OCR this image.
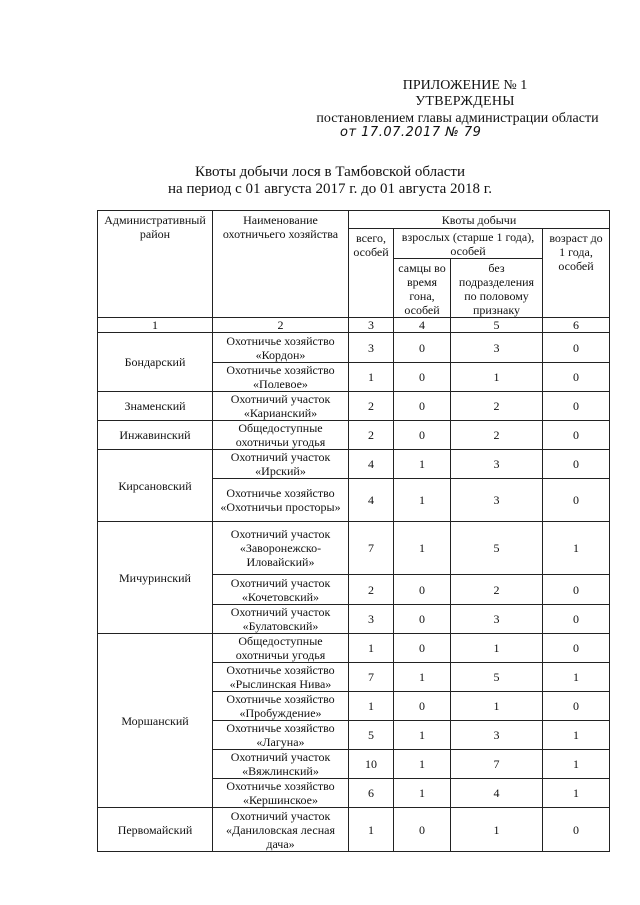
ПРИЛОЖЕНИЕ № 1
УТВЕРЖДЕНЫ
постановлением главы администрации области
от 17.07.2017 № 79
Квоты добычи лося в Тамбовской области
на период с 01 августа 2017 г. до 01 августа 2018 г.
Административный район	Наименование охотничьего хозяйства	Квоты добычи			
		всего, особей	взрослых (старше 1 года), особей		возраст до 1 года, особей
			самцы во время гона, особей	без подразделения по половому признаку	
1	2	3	4	5	6
Бондарский	Охотничье хозяйство «Кордон»	3	0	3	0
	Охотничье хозяйство «Полевое»	1	0	1	0
Знаменский	Охотничий участок «Карианский»	2	0	2	0
Инжавинский	Общедоступные охотничьи угодья	2	0	2	0
Кирсановский	Охотничий участок «Ирский»	4	1	3	0
	Охотничье хозяйство «Охотничьи просторы»	4	1	3	0
Мичуринский	Охотничий участок «Заворонежско-Иловайский»	7	1	5	1
	Охотничий участок «Кочетовский»	2	0	2	0
	Охотничий участок «Булатовский»	3	0	3	0
Моршанский	Общедоступные охотничьи угодья	1	0	1	0
	Охотничье хозяйство «Рыслинская Нива»	7	1	5	1
	Охотничье хозяйство «Пробуждение»	1	0	1	0
	Охотничье хозяйство «Лагуна»	5	1	3	1
	Охотничий участок «Вяжлинский»	10	1	7	1
	Охотничье хозяйство «Кершинское»	6	1	4	1
Первомайский	Охотничий участок «Даниловская лесная дача»	1	0	1	0
